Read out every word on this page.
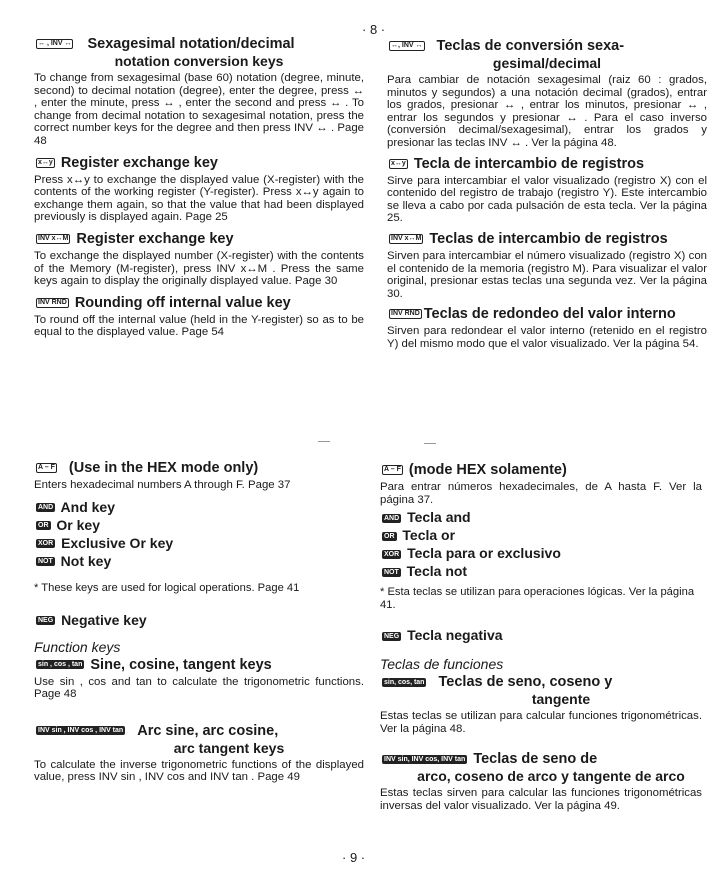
· 8 ·
· 9 ·
↔ , INV ↔ Sexagesimal notation/decimal
notation conversion keys

To change from sexagesimal (base 60) notation (degree, minute, second) to decimal notation (degree), enter the degree, press ↔ , enter the minute, press ↔ , enter the second and press ↔ . To change from decimal notation to sexagesimal notation, press the correct number keys for the degree and then press INV ↔ . Page 48

x↔y Register exchange key

Press x↔y to exchange the displayed value (X-register) with the contents of the working register (Y-register). Press x↔y again to exchange them again, so that the value that had been displayed previously is displayed again. Page 25

INV x↔M Register exchange key

To exchange the displayed number (X-register) with the contents of the Memory (M-register), press INV x↔M . Press the same keys again to display the originally displayed value. Page 30

INV RND Rounding off internal value key

To round off the internal value (held in the Y-register) so as to be equal to the displayed value. Page 54

A – F (Use in the HEX mode only)

Enters hexadecimal numbers A through F. Page 37

AND And key
OR Or key
XOR Exclusive Or key
NOT Not key
* These keys are used for logical operations. Page 41
NEG Negative key
Function keys
sin , cos , tan Sine, cosine, tangent keys

Use sin , cos and tan to calculate the trigonometric functions. Page 48

INV sin , INV cos , INV tan Arc sine, arc cosine,
arc tangent keys

To calculate the inverse trigonometric functions of the displayed value, press INV sin , INV cos and INV tan . Page 49

↔, INV ↔ Teclas de conversión sexa-
gesimal/decimal

Para cambiar de notación sexagesimal (raiz 60 : grados, minutos y segundos) a una notación decimal (grados), entrar los grados, presionar ↔ , entrar los minutos, presionar ↔ , entrar los segundos y presionar ↔ . Para el caso inverso (conversión decimal/sexagesimal), entrar los grados y presionar las teclas INV ↔ . Ver la página 48.

x↔y Tecla de intercambio de registros

Sirve para intercambiar el valor visualizado (registro X) con el contenido del registro de trabajo (registro Y). Este intercambio se lleva a cabo por cada pulsación de esta tecla. Ver la página 25.

INV x↔M Teclas de intercambio de registros

Sirven para intercambiar el número visualizado (registro X) con el contenido de la memoria (registro M). Para visualizar el valor original, presionar estas teclas una segunda vez. Ver la página 30.

INV RND Teclas de redondeo del valor interno

Sirven para redondear el valor interno (retenido en el registro Y) del mismo modo que el valor visualizado. Ver la página 54.

A – F (mode HEX solamente)

Para entrar números hexadecimales, de A hasta F. Ver la página 37.

AND Tecla and
OR Tecla or
XOR Tecla para or exclusivo
NOT Tecla not
* Esta teclas se utilizan para operaciones lógicas. Ver la página 41.
NEG Tecla negativa
Teclas de funciones
sin, cos, tan Teclas de seno, coseno y
tangente

Estas teclas se utilizan para calcular funciones trigonométricas. Ver la página 48.

INV sin, INV cos, INV tan Teclas de seno de
arco, coseno de arco y tangente de arco

Estas teclas sirven para calcular las funciones trigonométricas inversas del valor visualizado. Ver la página 49.
